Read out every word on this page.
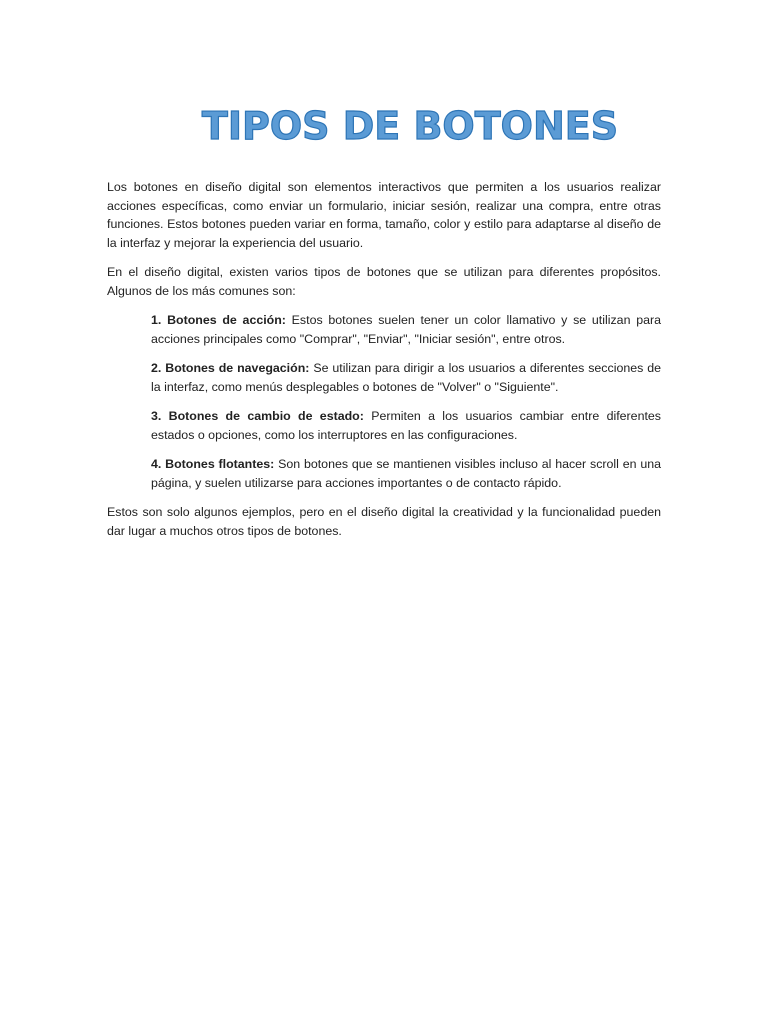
TIPOS DE BOTONES

Los botones en diseño digital son elementos interactivos que permiten a los usuarios realizar acciones específicas, como enviar un formulario, iniciar sesión, realizar una compra, entre otras funciones. Estos botones pueden variar en forma, tamaño, color y estilo para adaptarse al diseño de la interfaz y mejorar la experiencia del usuario.

En el diseño digital, existen varios tipos de botones que se utilizan para diferentes propósitos. Algunos de los más comunes son:

1. Botones de acción: Estos botones suelen tener un color llamativo y se utilizan para acciones principales como "Comprar", "Enviar", "Iniciar sesión", entre otros.
2. Botones de navegación: Se utilizan para dirigir a los usuarios a diferentes secciones de la interfaz, como menús desplegables o botones de "Volver" o "Siguiente".
3. Botones de cambio de estado: Permiten a los usuarios cambiar entre diferentes estados o opciones, como los interruptores en las configuraciones.
4. Botones flotantes: Son botones que se mantienen visibles incluso al hacer scroll en una página, y suelen utilizarse para acciones importantes o de contacto rápido.

Estos son solo algunos ejemplos, pero en el diseño digital la creatividad y la funcionalidad pueden dar lugar a muchos otros tipos de botones.
